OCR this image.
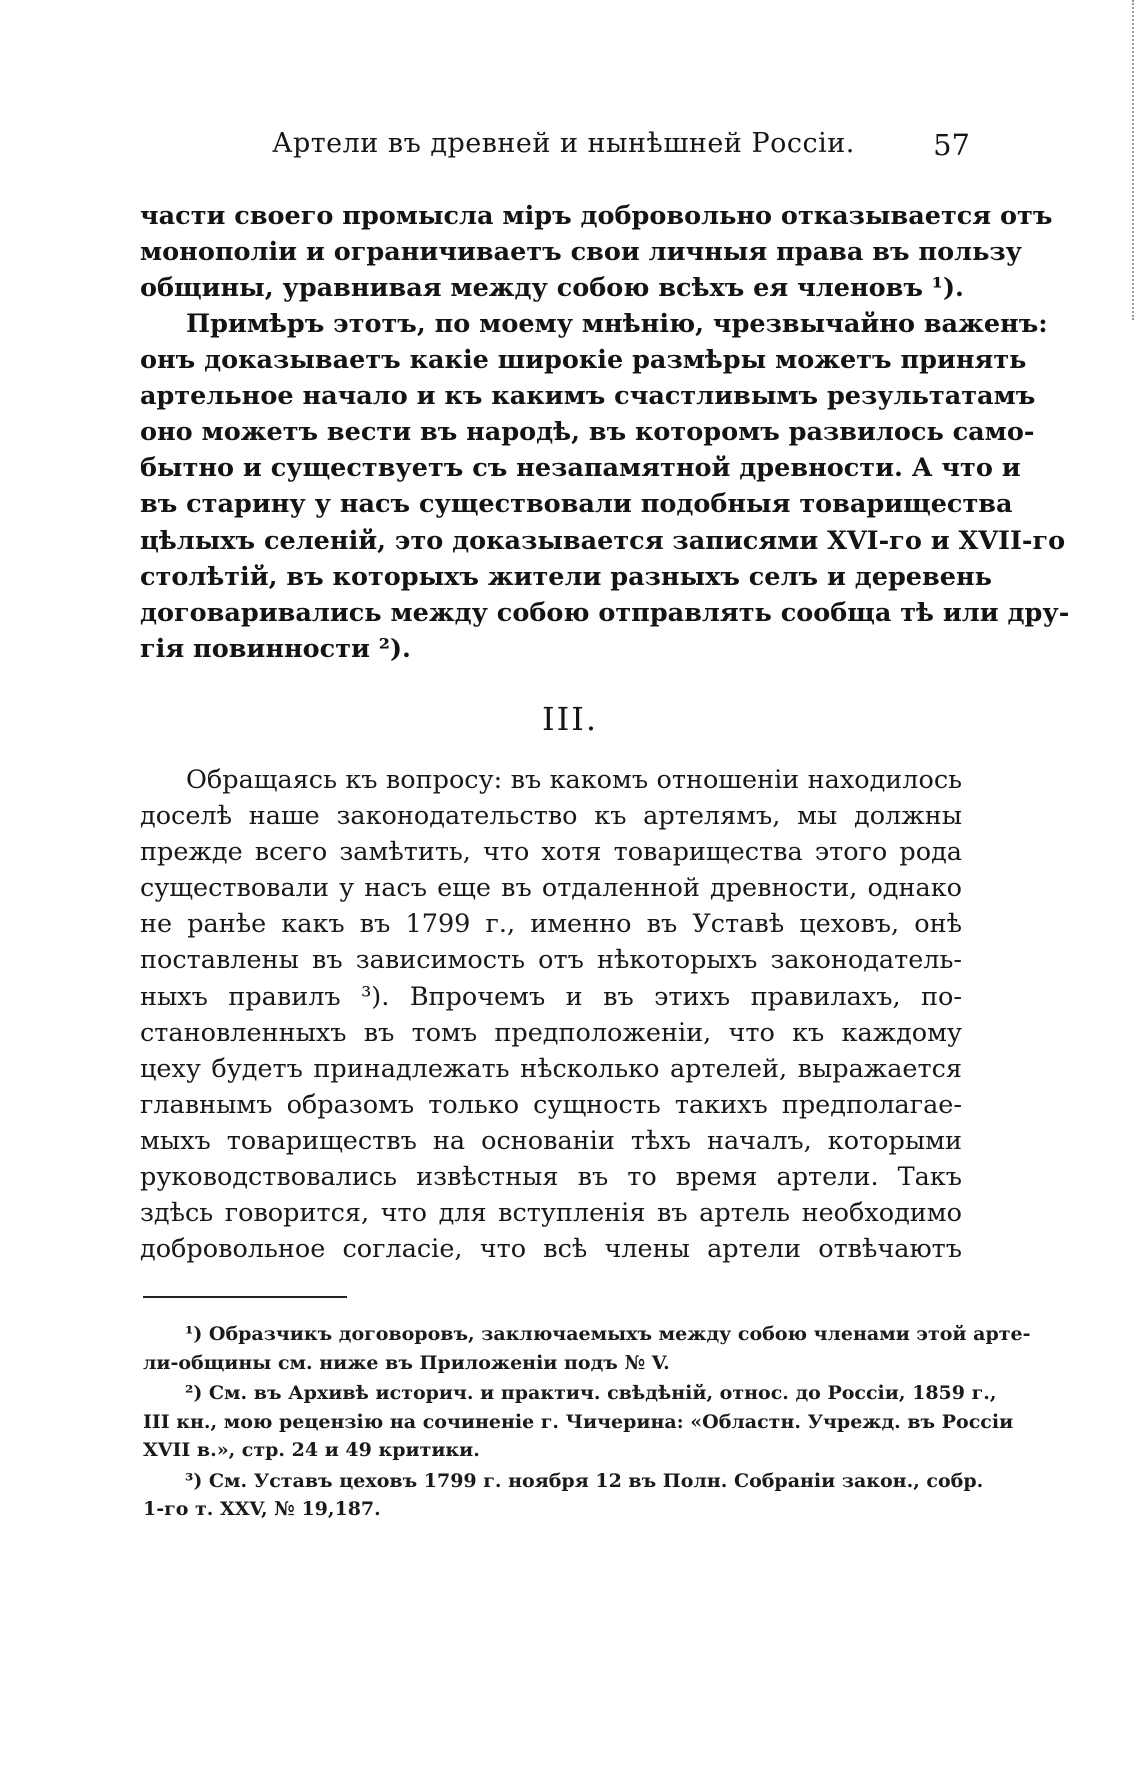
Артели въ древней и нынѣшней Россіи.	57
части своего промысла міръ добровольно отказывается отъ
монополіи и ограничиваетъ свои личныя права въ пользу
общины, уравнивая между собою всѣхъ ея членовъ ¹).
Примѣръ этотъ, по моему мнѣнію, чрезвычайно важенъ:
онъ доказываетъ какіе широкіе размѣры можетъ принять
артельное начало и къ какимъ счастливымъ результатамъ
оно можетъ вести въ народѣ, въ которомъ развилось само-
бытно и существуетъ съ незапамятной древности. А что и
въ старину у насъ существовали подобныя товарищества
цѣлыхъ селеній, это доказывается записями XVI-го и XVII-го
столѣтій, въ которыхъ жители разныхъ селъ и деревень
договаривались между собою отправлять сообща тѣ или дру-
гія повинности ²).
III.
Обращаясь къ вопросу: въ какомъ отношеніи находилось
доселѣ наше законодательство къ артелямъ, мы должны
прежде всего замѣтить, что хотя товарищества этого рода
существовали у насъ еще въ отдаленной древности, однако
не ранѣе какъ въ 1799 г., именно въ Уставѣ цеховъ, онѣ
поставлены въ зависимость отъ нѣкоторыхъ законодатель-
ныхъ правилъ ³). Впрочемъ и въ этихъ правилахъ, по-
становленныхъ въ томъ предположеніи, что къ каждому
цеху будетъ принадлежать нѣсколько артелей, выражается
главнымъ образомъ только сущность такихъ предполагае-
мыхъ товариществъ на основаніи тѣхъ началъ, которыми
руководствовались извѣстныя въ то время артели. Такъ
здѣсь говорится, что для вступленія въ артель необходимо
добровольное согласіе, что всѣ члены артели отвѣчаютъ
¹) Образчикъ договоровъ, заключаемыхъ между собою членами этой арте-
ли-общины см. ниже въ Приложеніи подъ № V.
²) См. въ Архивѣ историч. и практич. свѣдѣній, относ. до Россіи, 1859 г.,
III кн., мою рецензію на сочиненіе г. Чичерина: «Областн. Учрежд. въ Россіи
XVII в.», стр. 24 и 49 критики.
³) См. Уставъ цеховъ 1799 г. ноября 12 въ Полн. Собраніи закон., собр.
1-го т. XXV, № 19,187.
